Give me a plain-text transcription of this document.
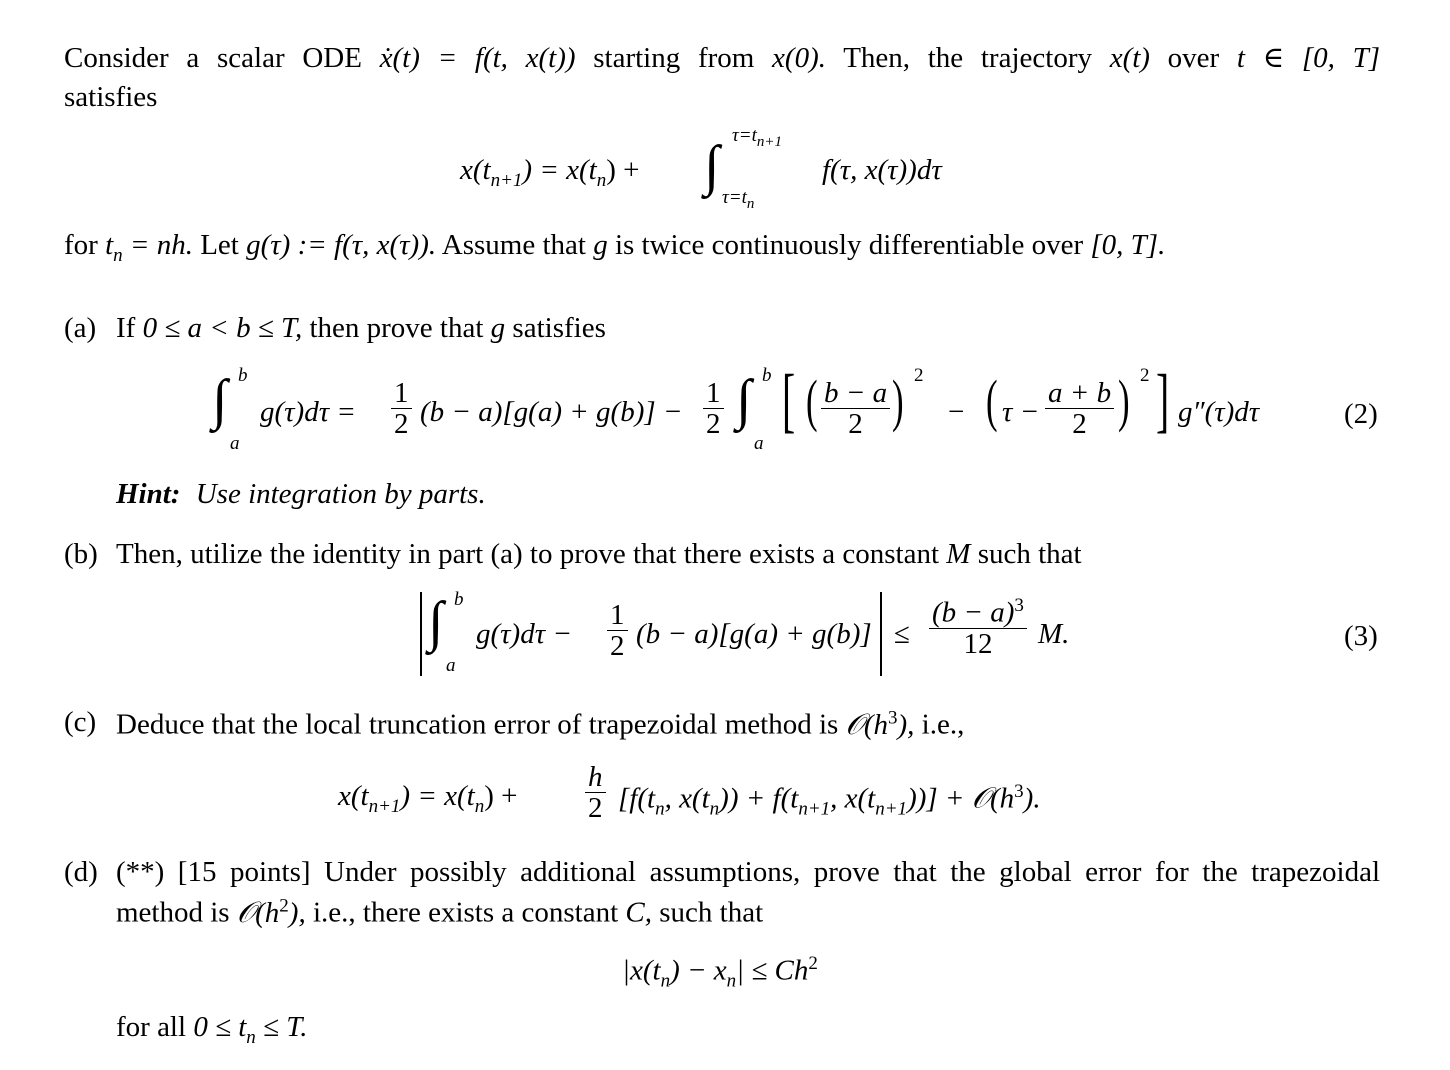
Consider a scalar ODE ẋ(t) = f(t, x(t)) starting from x(0). Then, the trajectory x(t) over t ∈ [0, T]
satisfies
$x(t_{n+1}) = x(t_n)$ + ∫ $\tau=t_{n+1}$
$\tau=t_n$
f(τ, x(τ))dτ
for $t_n$ = nh. Let g(τ) := f(τ, x(τ)). Assume that g is twice continuously differentiable over [0, T].
(a) If 0 ≤ a < b ≤ T, then prove that g satisfies
∫ b
a
$g(\tau)d\tau = \frac{1}{2} (b - a)[g(a) + g(b)] - \frac{1}{2}$ ∫ b
a
[ ( $\frac{b - a}{2}$ ) 2
− ( $\tau - \frac{a + b}{2}$ ) 2 ] g″(τ)dτ	(2)
Hint: Use integration by parts.
(b) Then, utilize the identity in part (a) to prove that there exists a constant M such that
∫ b
a
$g(\tau)d\tau - \frac{1}{2} (b - a)[g(a) + g(b)] \le \frac{(b - a)^3}{12} M$.	(3)
(c) Deduce that the local truncation error of trapezoidal method is $𝒪(h^3)$, i.e.,
$x(t_{n+1}) = x(t_n) + \frac{h}{2} [f(t_n$, $x(t_n)) + f(t_{n+1}$, $x(t_{n+1})$)] + $𝒪(h^3)$.
(d) (**) [15 points] Under possibly additional assumptions, prove that the global error for the trapezoidal
method is $𝒪(h^2)$, i.e., there exists a constant C, such that
$|x(t_n) - x_n| \le Ch^2$
for all $0 \le t_n \le T$.
